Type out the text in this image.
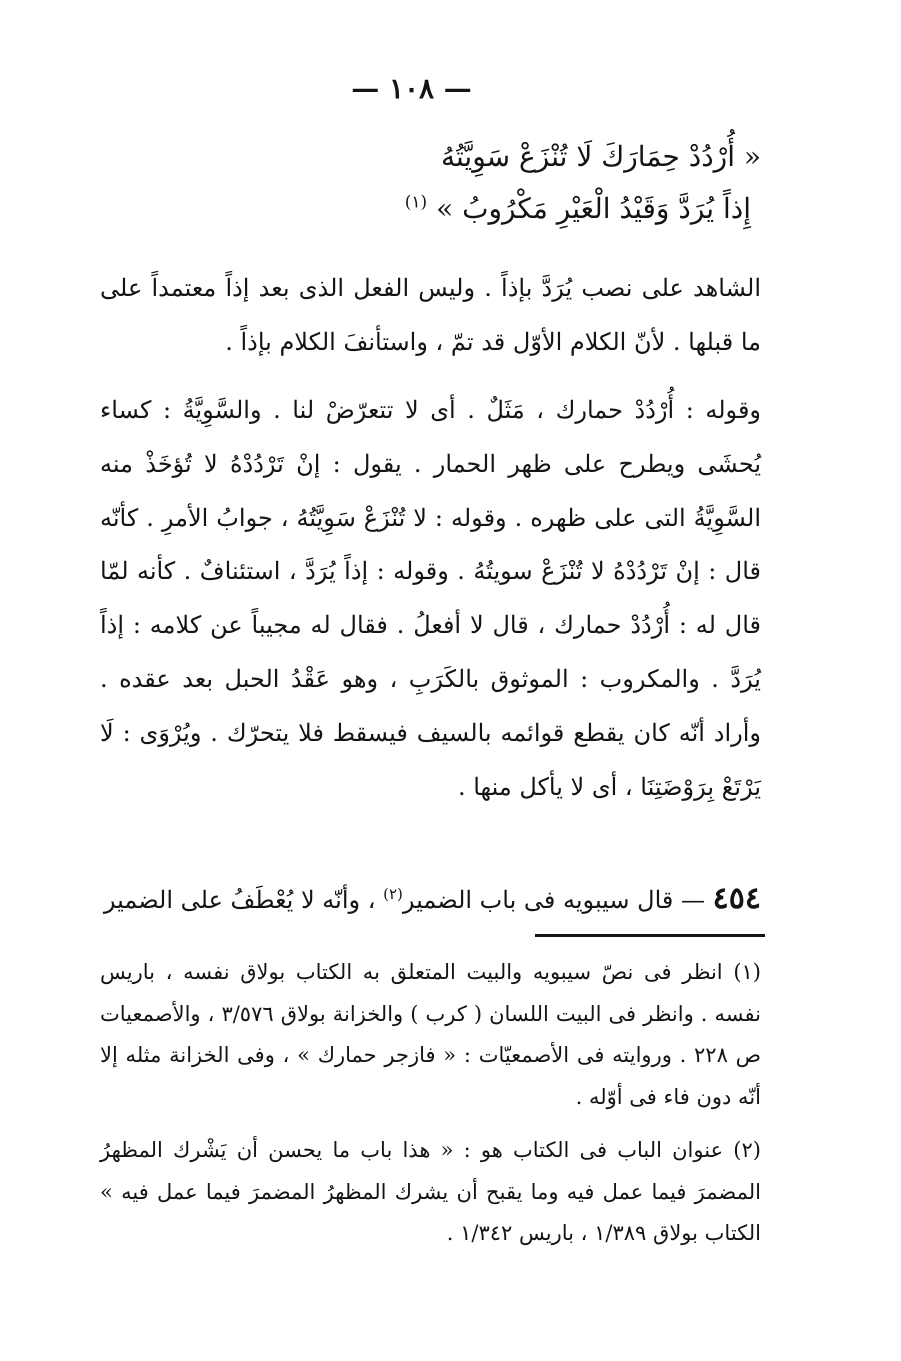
— ١٠٨ —
« أُرْدُدْ حِمَارَكَ لَا تُنْزَعْ سَوِيَّتُهُ
إِذاً يُرَدَّ وَقَيْدُ الْعَيْرِ مَكْرُوبُ » $^{(١)}$

الشاهد على نصب يُرَدَّ بإذاً . وليس الفعل الذى بعد إذاً معتمداً على ما قبلها . لأنّ الكلام الأوّل قد تمّ ، واستأنفَ الكلام بإذاً .

وقوله : أُرْدُدْ حمارك ، مَثَلٌ . أى لا تتعرّضْ لنا . والسَّوِيَّةُ : كساء يُحشَى ويطرح على ظهر الحمار . يقول : إنْ تَرْدُدْهُ لا تُؤخَذْ منه السَّوِيَّةُ التى على ظهره . وقوله : لا تُنْزَعْ سَوِيَّتُهُ ، جوابُ الأمرِ . كأنّه قال : إنْ تَرْدُدْهُ لا تُنْزَعْ سويتُهُ . وقوله : إذاً يُرَدَّ ، استئنافٌ . كأنه لمّا قال له : أُرْدُدْ حمارك ، قال لا أفعلُ . فقال له مجيباً عن كلامه : إذاً يُرَدَّ . والمكروب : الموثوق بالكَرَبِ ، وهو عَقْدُ الحبل بعد عقده . وأراد أنّه كان يقطع قوائمه بالسيف فيسقط فلا يتحرّك . ويُرْوَى : لَا يَرْتَعْ بِرَوْضَتِنَا ، أى لا يأكل منها .

٤٥٤ — قال سيبويه فى باب الضمير$^{(٢)}$ ، وأنّه لا يُعْطَفُ على الضمير

(١) انظر فى نصّ سيبويه والبيت المتعلق به الكتاب بولاق نفسه ، باريس نفسه . وانظر فى البيت اللسان ( كرب ) والخزانة بولاق ٣/٥٧٦ ، والأصمعيات ص ٢٢٨ . وروايته فى الأصمعيّات : « فازجر حمارك » ، وفى الخزانة مثله إلا أنّه دون فاء فى أوّله .

(٢) عنوان الباب فى الكتاب هو : « هذا باب ما يحسن أن يَشْرك المظهرُ المضمرَ فيما عمل فيه وما يقبح أن يشرك المظهرُ المضمرَ فيما عمل فيه » الكتاب بولاق ١/٣٨٩ ، باريس ١/٣٤٢ .
